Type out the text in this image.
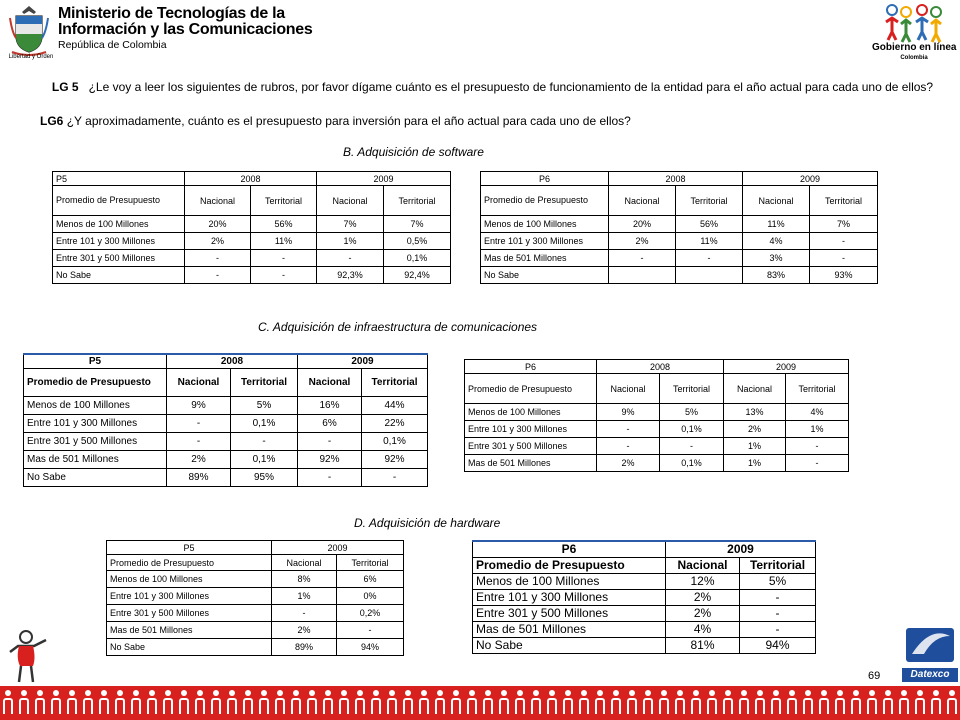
Libertad y Orden
Ministerio de Tecnologías de la
Información y las Comunicaciones
República de Colombia	Gobierno en línea
Colombia
LG 5 ¿Le voy a leer los siguientes de rubros, por favor dígame cuánto es el presupuesto de funcionamiento de la entidad para el año actual para cada uno de ellos?
LG6 ¿Y aproximadamente, cuánto es el presupuesto para inversión para el año actual para cada uno de ellos?
B. Adquisición de software
P5	2008		2009	
Promedio de Presupuesto	Nacional	Territorial	Nacional	Territorial
Menos de 100 Millones	20%	56%	7%	7%
Entre 101 y 300 Millones	2%	11%	1%	0,5%
Entre 301 y 500 Millones	-	-	-	0,1%
No Sabe	-	-	92,3%	92,4%
P6	2008		2009	
Promedio de Presupuesto	Nacional	Territorial	Nacional	Territorial
Menos de 100 Millones	20%	56%	11%	7%
Entre 101 y 300 Millones	2%	11%	4%	-
Mas de 501 Millones	-	-	3%	-
No Sabe			83%	93%
C. Adquisición de infraestructura de comunicaciones
P5	2008		2009	
Promedio de Presupuesto	Nacional	Territorial	Nacional	Territorial
Menos de 100 Millones	9%	5%	16%	44%
Entre 101 y 300 Millones	-	0,1%	6%	22%
Entre 301 y 500 Millones	-	-	-	0,1%
Mas de 501 Millones	2%	0,1%	92%	92%
No Sabe	89%	95%	-	-
P6	2008		2009	
Promedio de Presupuesto	Nacional	Territorial	Nacional	Territorial
Menos de 100 Millones	9%	5%	13%	4%
Entre 101 y 300 Millones	-	0,1%	2%	1%
Entre 301 y 500 Millones	-	-	1%	-
Mas de 501 Millones	2%	0,1%	1%	-
D. Adquisición de hardware
P5	2009	
Promedio de Presupuesto	Nacional	Territorial
Menos de 100 Millones	8%	6%
Entre 101 y 300 Millones	1%	0%
Entre 301 y 500 Millones	-	0,2%
Mas de 501 Millones	2%	-
No Sabe	89%	94%
P6	2009	
Promedio de Presupuesto	Nacional	Territorial
Menos de 100 Millones	12%	5%
Entre 101 y 300 Millones	2%	-
Entre 301 y 500 Millones	2%	-
Mas de 501 Millones	4%	-
No Sabe	81%	94%
69	Datexco
